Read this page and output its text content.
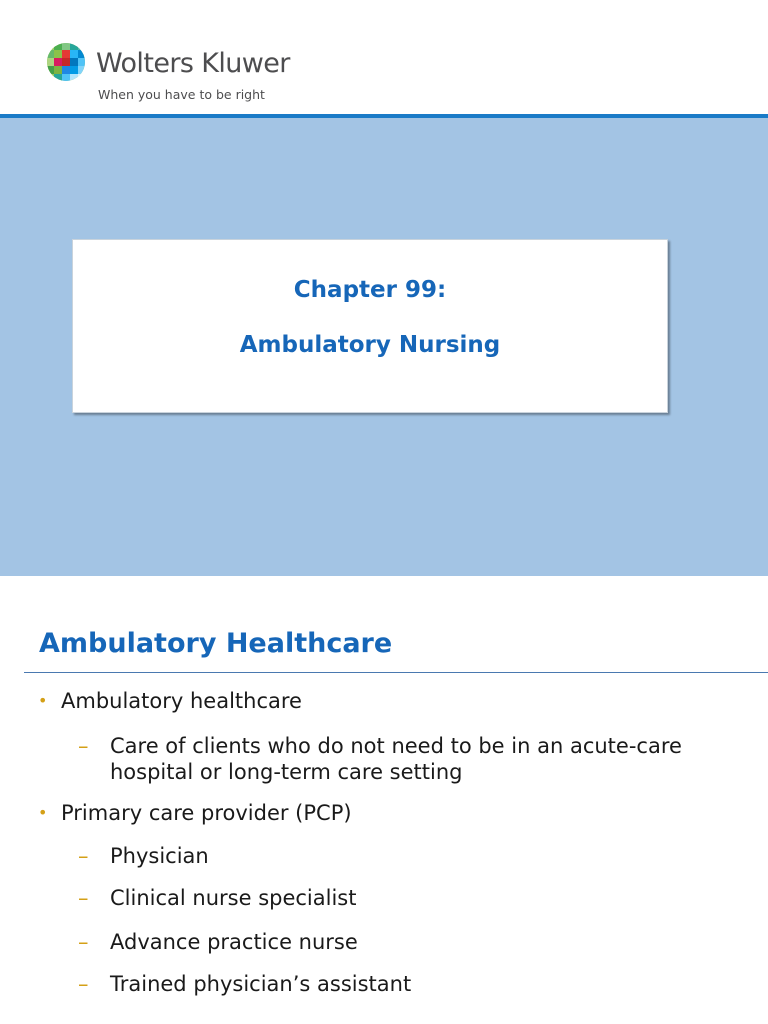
Wolters Kluwer
When you have to be right
Chapter 99:
Ambulatory Nursing
Ambulatory Healthcare
• Ambulatory healthcare
– Care of clients who do not need to be in an acute-care hospital or long-term care setting
• Primary care provider (PCP)
– Physician
– Clinical nurse specialist
– Advance practice nurse
– Trained physician’s assistant
